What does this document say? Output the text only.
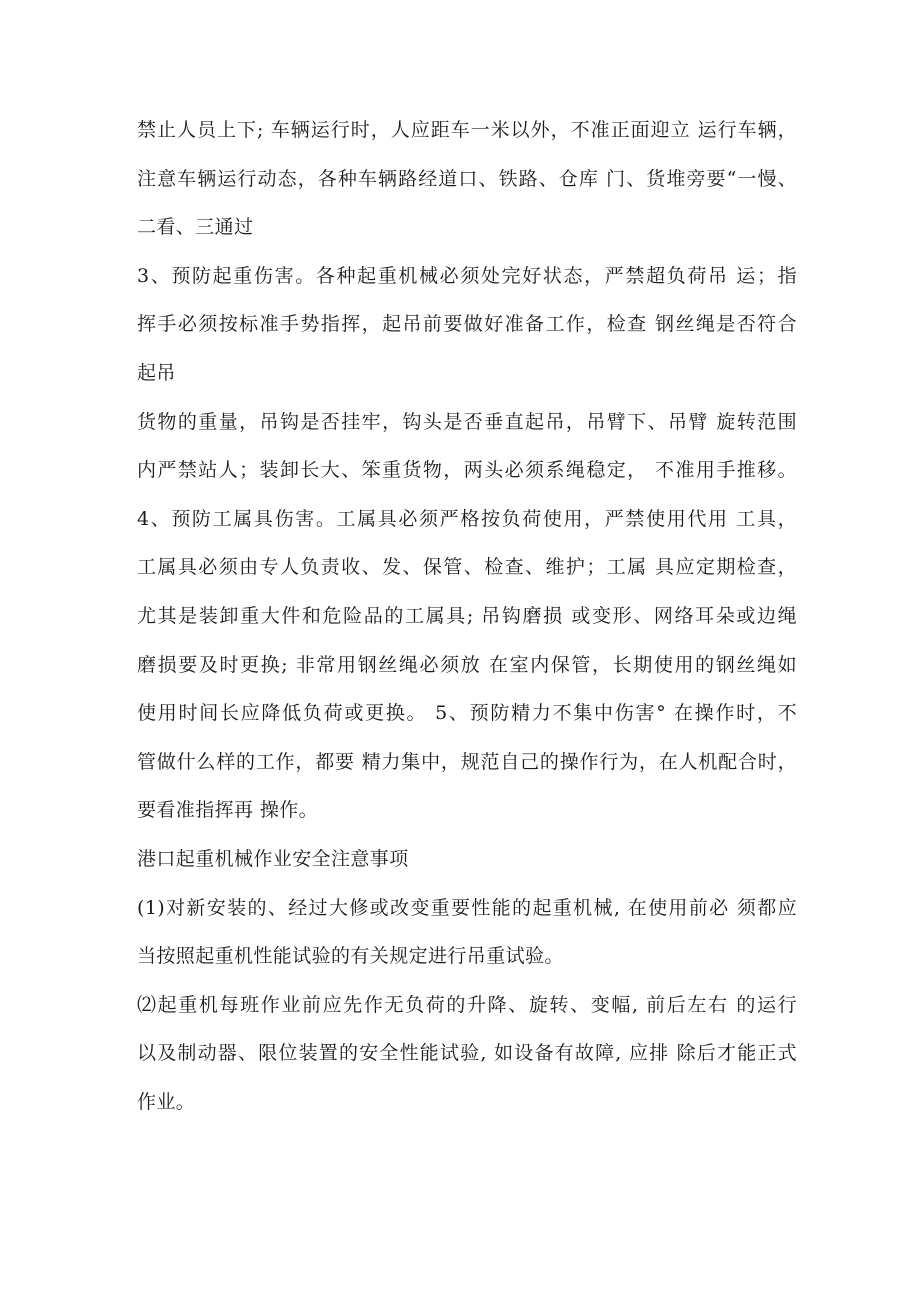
禁止人员上下; 车辆运行时，人应距车一米以外，不准正面迎立 运行车辆，
注意车辆运行动态，各种车辆路经道口、铁路、仓库 门、货堆旁要“一慢、
二看、三通过
3、预防起重伤害。各种起重机械必须处完好状态，严禁超负荷吊 运；指
挥手必须按标准手势指挥，起吊前要做好准备工作，检查 钢丝绳是否符合
起吊
货物的重量，吊钩是否挂牢，钩头是否垂直起吊，吊臂下、吊臂 旋转范围
内严禁站人；装卸长大、笨重货物，两头必须系绳稳定， 不准用手推移。
4、预防工属具伤害。工属具必须严格按负荷使用，严禁使用代用 工具，
工属具必须由专人负责收、发、保管、检查、维护；工属 具应定期检查，
尤其是装卸重大件和危险品的工属具; 吊钩磨损 或变形、网络耳朵或边绳
磨损要及时更换; 非常用钢丝绳必须放 在室内保管，长期使用的钢丝绳如
使用时间长应降低负荷或更换。 5、预防精力不集中伤害° 在操作时，不
管做什么样的工作，都要 精力集中，规范自己的操作行为，在人机配合时，
要看准指挥再 操作。
港口起重机械作业安全注意事项
(1)对新安装的、经过大修或改变重要性能的起重机械, 在使用前必 须都应
当按照起重机性能试验的有关规定进行吊重试验。
⑵起重机每班作业前应先作无负荷的升降、旋转、变幅, 前后左右 的运行
以及制动器、限位装置的安全性能试验, 如设备有故障, 应排 除后才能正式
作业。
